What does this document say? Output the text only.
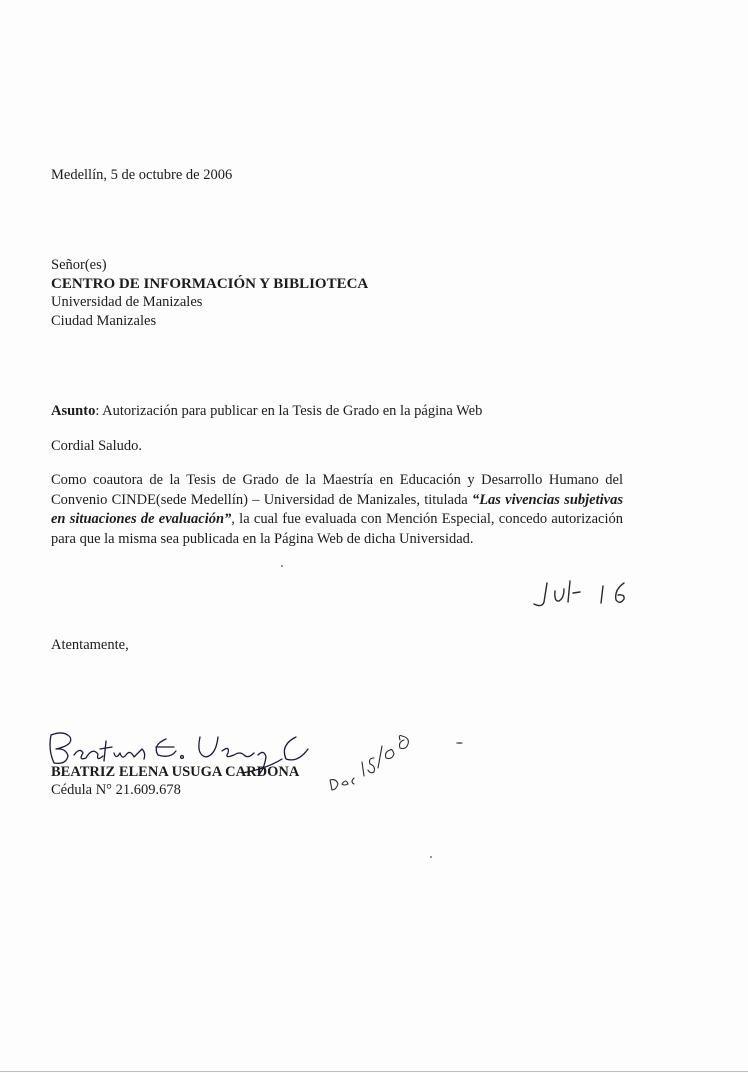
Medellín, 5 de octubre de 2006
Señor(es)
CENTRO DE INFORMACIÓN Y BIBLIOTECA
Universidad de Manizales
Ciudad Manizales
Asunto: Autorización para publicar en la Tesis de Grado en la página Web
Cordial Saludo.
Como coautora de la Tesis de Grado de la Maestría en Educación y Desarrollo Humano del Convenio CINDE(sede Medellín) – Universidad de Manizales, titulada “Las vivencias subjetivas en situaciones de evaluación”, la cual fue evaluada con Mención Especial, concedo autorización para que la misma sea publicada en la Página Web de dicha Universidad.
Atentamente,
BEATRIZ ELENA USUGA CARDONA
Cédula N° 21.609.678
